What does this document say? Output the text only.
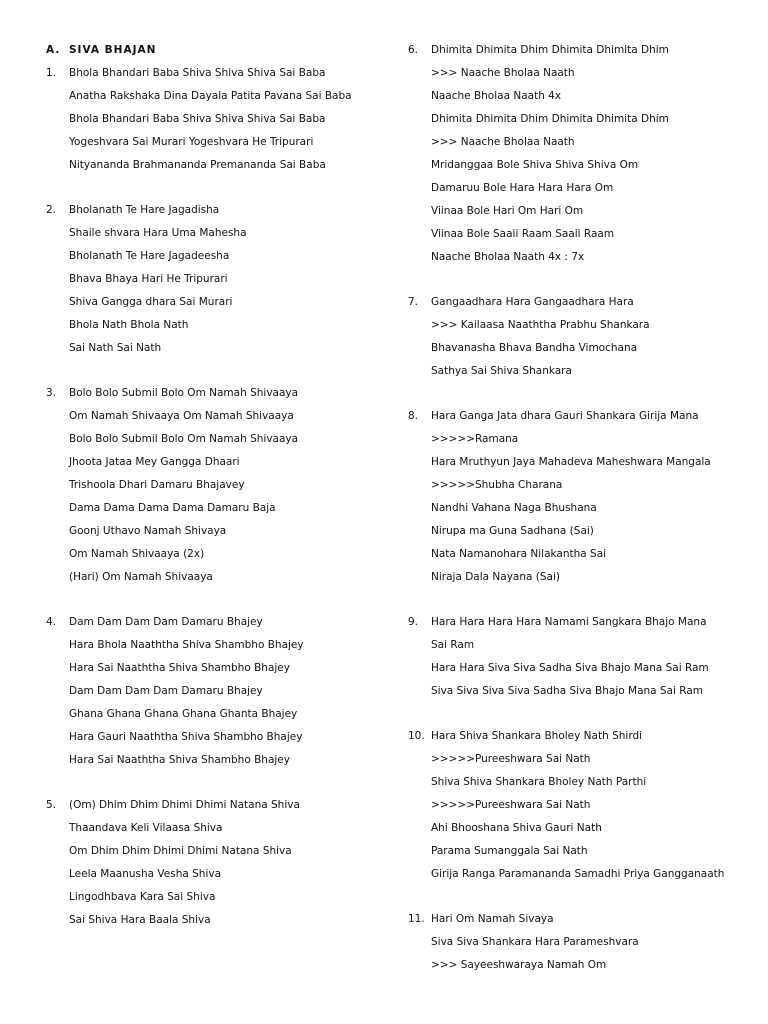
A. SIVA BHAJAN
1.	Bhola Bhandari Baba Shiva Shiva Shiva Sai Baba
Anatha Rakshaka Dina Dayala Patita Pavana Sai Baba
Bhola Bhandari Baba Shiva Shiva Shiva Sai Baba
Yogeshvara Sai Murari Yogeshvara He Tripurari
Nityananda Brahmananda Premananda Sai Baba
2.	Bholanath Te Hare Jagadisha
Shaile shvara Hara Uma Mahesha
Bholanath Te Hare Jagadeesha
Bhava Bhaya Hari He Tripurari
Shiva Gangga dhara Sai Murari
Bhola Nath Bhola Nath
Sai Nath Sai Nath
3.	Bolo Bolo Submil Bolo Om Namah Shivaaya
Om Namah Shivaaya Om Namah Shivaaya
Bolo Bolo Submil Bolo Om Namah Shivaaya
Jhoota Jataa Mey Gangga Dhaari
Trishoola Dhari Damaru Bhajavey
Dama Dama Dama Dama Damaru Baja
Goonj Uthavo Namah Shivaya
Om Namah Shivaaya (2x)
(Hari) Om Namah Shivaaya
4.	Dam Dam Dam Dam Damaru Bhajey
Hara Bhola Naaththa Shiva Shambho Bhajey
Hara Sai Naaththa Shiva Shambho Bhajey
Dam Dam Dam Dam Damaru Bhajey
Ghana Ghana Ghana Ghana Ghanta Bhajey
Hara Gauri Naaththa Shiva Shambho Bhajey
Hara Sai Naaththa Shiva Shambho Bhajey
5.	(Om) Dhim Dhim Dhimi Dhimi Natana Shiva
Thaandava Keli Vilaasa Shiva
Om Dhim Dhim Dhimi Dhimi Natana Shiva
Leela Maanusha Vesha Shiva
Lingodhbava Kara Sai Shiva
Sai Shiva Hara Baala Shiva
6.	Dhimita Dhimita Dhim Dhimita Dhimita Dhim
>>> Naache Bholaa Naath
Naache Bholaa Naath 4x
Dhimita Dhimita Dhim Dhimita Dhimita Dhim
>>> Naache Bholaa Naath
Mridanggaa Bole Shiva Shiva Shiva Om
Damaruu Bole Hara Hara Hara Om
Viinaa Bole Hari Om Hari Om
Viinaa Bole Saaii Raam Saaii Raam
Naache Bholaa Naath 4x : 7x
7.	Gangaadhara Hara Gangaadhara Hara
>>> Kailaasa Naaththa Prabhu Shankara
Bhavanasha Bhava Bandha Vimochana
Sathya Sai Shiva Shankara
8.	Hara Ganga Jata dhara Gauri Shankara Girija Mana
>>>>>Ramana
Hara Mruthyun Jaya Mahadeva Maheshwara Mangala
>>>>>Shubha Charana
Nandhi Vahana Naga Bhushana
Nirupa ma Guna Sadhana (Sai)
Nata Namanohara Nilakantha Sai
Niraja Dala Nayana (Sai)
9.	Hara Hara Hara Hara Namami Sangkara Bhajo Mana
Sai Ram
Hara Hara Siva Siva Sadha Siva Bhajo Mana Sai Ram
Siva Siva Siva Siva Sadha Siva Bhajo Mana Sai Ram
10. Hara Shiva Shankara Bholey Nath Shirdi
>>>>>Pureeshwara Sai Nath
Shiva Shiva Shankara Bholey Nath Parthi
>>>>>Pureeshwara Sai Nath
Ahi Bhooshana Shiva Gauri Nath
Parama Sumanggala Sai Nath
Girija Ranga Paramananda Samadhi Priya Gangganaath
11. Hari Om Namah Sivaya
Siva Siva Shankara Hara Parameshvara
>>> Sayeeshwaraya Namah Om
